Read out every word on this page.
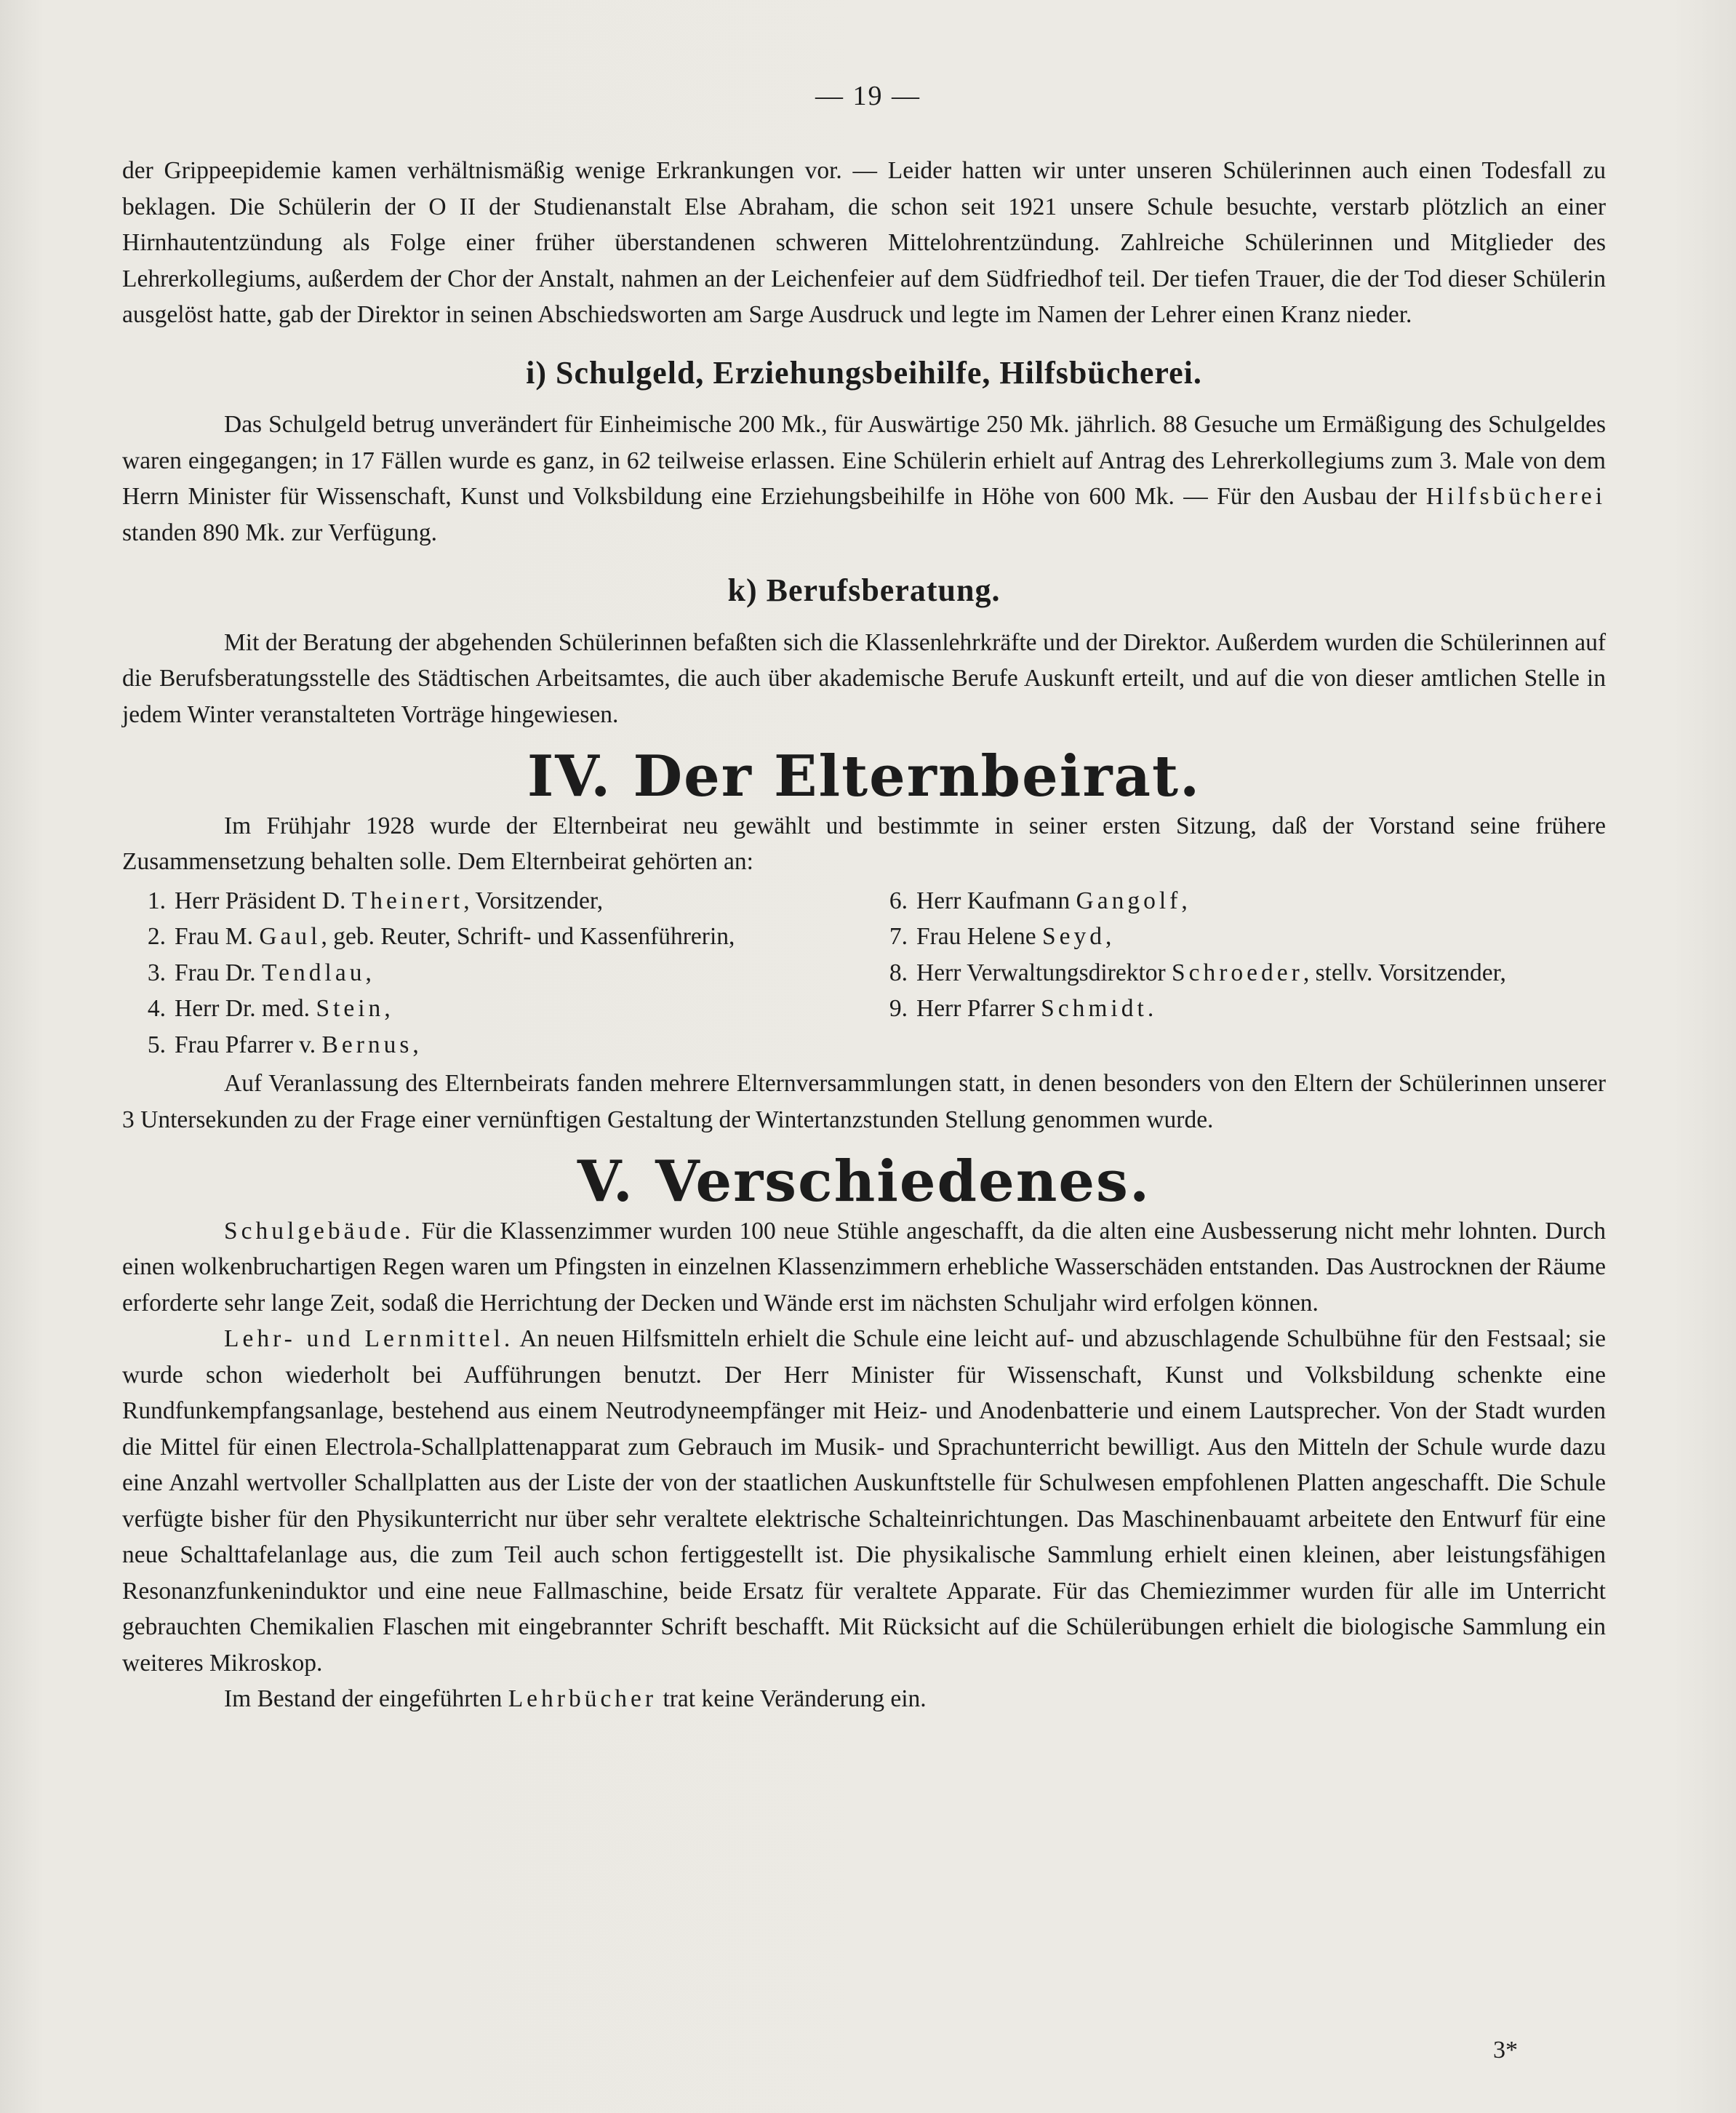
— 19 —

der Grippeepidemie kamen verhältnismäßig wenige Erkrankungen vor. — Leider hatten wir unter unseren Schülerinnen auch einen Todesfall zu beklagen. Die Schülerin der O II der Studienanstalt Else Abraham, die schon seit 1921 unsere Schule besuchte, verstarb plötzlich an einer Hirnhautentzündung als Folge einer früher überstandenen schweren Mittelohrentzündung. Zahlreiche Schülerinnen und Mitglieder des Lehrerkollegiums, außerdem der Chor der Anstalt, nahmen an der Leichenfeier auf dem Südfriedhof teil. Der tiefen Trauer, die der Tod dieser Schülerin ausgelöst hatte, gab der Direktor in seinen Abschiedsworten am Sarge Ausdruck und legte im Namen der Lehrer einen Kranz nieder.

i) Schulgeld, Erziehungsbeihilfe, Hilfsbücherei.

Das Schulgeld betrug unverändert für Einheimische 200 Mk., für Auswärtige 250 Mk. jährlich. 88 Gesuche um Ermäßigung des Schulgeldes waren eingegangen; in 17 Fällen wurde es ganz, in 62 teilweise erlassen. Eine Schülerin erhielt auf Antrag des Lehrerkollegiums zum 3. Male von dem Herrn Minister für Wissenschaft, Kunst und Volksbildung eine Erziehungsbeihilfe in Höhe von 600 Mk. — Für den Ausbau der Hilfsbücherei standen 890 Mk. zur Verfügung.

k) Berufsberatung.

Mit der Beratung der abgehenden Schülerinnen befaßten sich die Klassenlehrkräfte und der Direktor. Außerdem wurden die Schülerinnen auf die Berufsberatungsstelle des Städtischen Arbeitsamtes, die auch über akademische Berufe Auskunft erteilt, und auf die von dieser amtlichen Stelle in jedem Winter veranstalteten Vorträge hingewiesen.

IV. Der Elternbeirat.

Im Frühjahr 1928 wurde der Elternbeirat neu gewählt und bestimmte in seiner ersten Sitzung, daß der Vorstand seine frühere Zusammensetzung behalten solle. Dem Elternbeirat gehörten an:

1. Herr Präsident D. Theinert, Vorsitzender,
2. Frau M. Gaul, geb. Reuter, Schrift- und Kassenführerin,
3. Frau Dr. Tendlau,
4. Herr Dr. med. Stein,
5. Frau Pfarrer v. Bernus,
6. Herr Kaufmann Gangolf,
7. Frau Helene Seyd,
8. Herr Verwaltungsdirektor Schroeder, stellv. Vorsitzender,
9. Herr Pfarrer Schmidt.

Auf Veranlassung des Elternbeirats fanden mehrere Elternversammlungen statt, in denen besonders von den Eltern der Schülerinnen unserer 3 Untersekunden zu der Frage einer vernünftigen Gestaltung der Wintertanzstunden Stellung genommen wurde.

V. Verschiedenes.

Schulgebäude. Für die Klassenzimmer wurden 100 neue Stühle angeschafft, da die alten eine Ausbesserung nicht mehr lohnten. Durch einen wolkenbruchartigen Regen waren um Pfingsten in einzelnen Klassenzimmern erhebliche Wasserschäden entstanden. Das Austrocknen der Räume erforderte sehr lange Zeit, sodaß die Herrichtung der Decken und Wände erst im nächsten Schuljahr wird erfolgen können.

Lehr- und Lernmittel. An neuen Hilfsmitteln erhielt die Schule eine leicht auf- und abzuschlagende Schulbühne für den Festsaal; sie wurde schon wiederholt bei Aufführungen benutzt. Der Herr Minister für Wissenschaft, Kunst und Volksbildung schenkte eine Rundfunkempfangsanlage, bestehend aus einem Neutrodyneempfänger mit Heiz- und Anodenbatterie und einem Lautsprecher. Von der Stadt wurden die Mittel für einen Electrola-Schallplattenapparat zum Gebrauch im Musik- und Sprachunterricht bewilligt. Aus den Mitteln der Schule wurde dazu eine Anzahl wertvoller Schallplatten aus der Liste der von der staatlichen Auskunftstelle für Schulwesen empfohlenen Platten angeschafft. Die Schule verfügte bisher für den Physikunterricht nur über sehr veraltete elektrische Schalteinrichtungen. Das Maschinenbauamt arbeitete den Entwurf für eine neue Schalttafelanlage aus, die zum Teil auch schon fertiggestellt ist. Die physikalische Sammlung erhielt einen kleinen, aber leistungsfähigen Resonanzfunkeninduktor und eine neue Fallmaschine, beide Ersatz für veraltete Apparate. Für das Chemiezimmer wurden für alle im Unterricht gebrauchten Chemikalien Flaschen mit eingebrannter Schrift beschafft. Mit Rücksicht auf die Schülerübungen erhielt die biologische Sammlung ein weiteres Mikroskop.

Im Bestand der eingeführten Lehrbücher trat keine Veränderung ein.

3*
